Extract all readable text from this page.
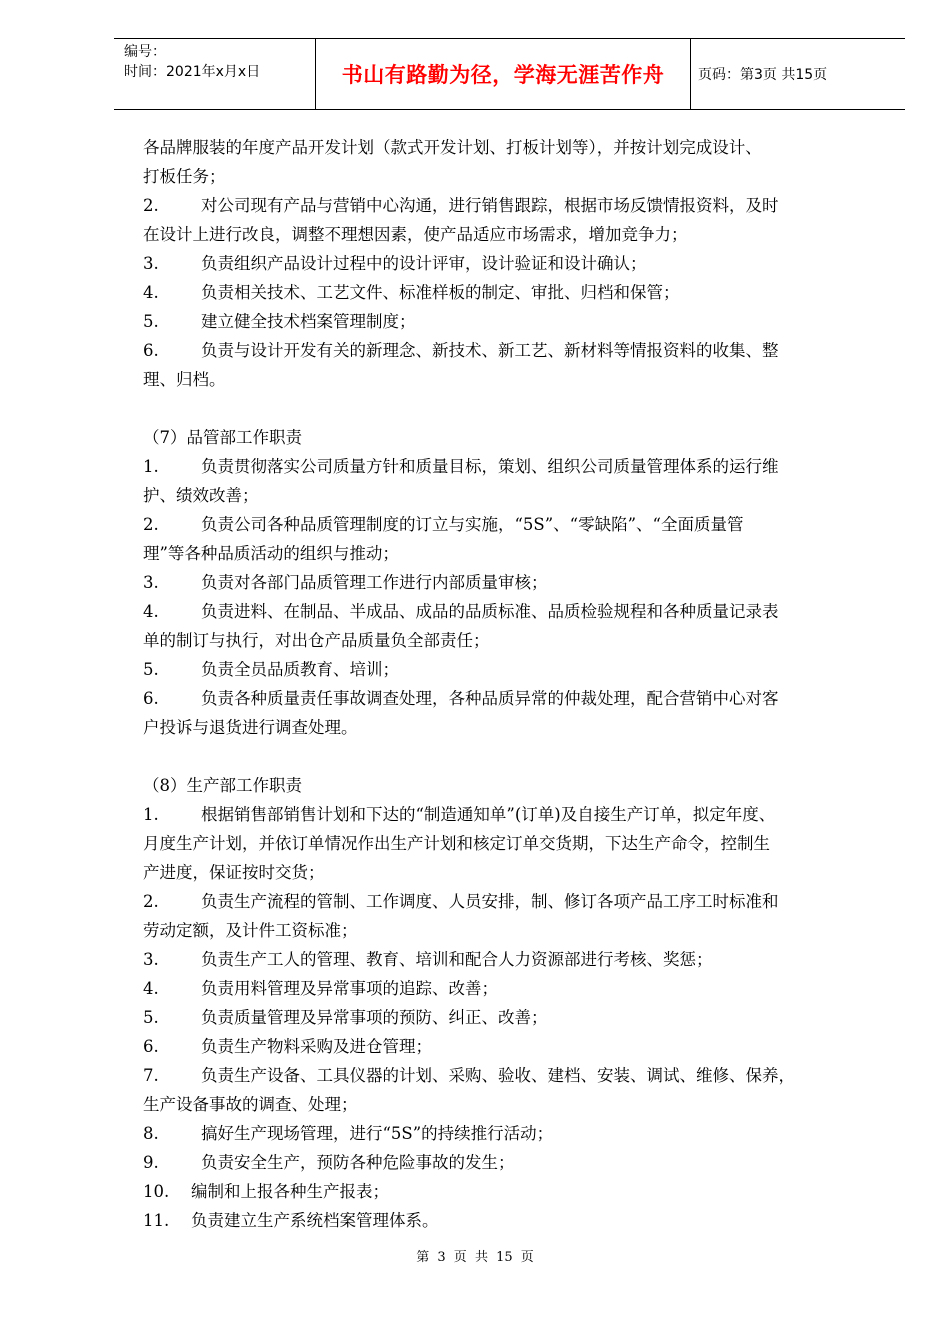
编号：
时间：2021年x月x日	书山有路勤为径，学海无涯苦作舟 页码：第3页 共15页
各品牌服装的年度产品开发计划（款式开发计划、打板计划等），并按计划完成设计、
打板任务；
2.	对公司现有产品与营销中心沟通，进行销售跟踪，根据市场反馈情报资料，及时
在设计上进行改良，调整不理想因素，使产品适应市场需求，增加竞争力；
3.	负责组织产品设计过程中的设计评审，设计验证和设计确认；
4.	负责相关技术、工艺文件、标准样板的制定、审批、归档和保管；
5.	建立健全技术档案管理制度；
6.	负责与设计开发有关的新理念、新技术、新工艺、新材料等情报资料的收集、整
理、归档。
（7）品管部工作职责
1.	负责贯彻落实公司质量方针和质量目标，策划、组织公司质量管理体系的运行维
护、绩效改善；
2.	负责公司各种品质管理制度的订立与实施，“5S”、“零缺陷”、“全面质量管
理”等各种品质活动的组织与推动；
3.	负责对各部门品质管理工作进行内部质量审核；
4.	负责进料、在制品、半成品、成品的品质标准、品质检验规程和各种质量记录表
单的制订与执行，对出仓产品质量负全部责任；
5.	负责全员品质教育、培训；
6.	负责各种质量责任事故调查处理，各种品质异常的仲裁处理，配合营销中心对客
户投诉与退货进行调查处理。
（8）生产部工作职责
1.	根据销售部销售计划和下达的“制造通知单”(订单)及自接生产订单，拟定年度、
月度生产计划，并依订单情况作出生产计划和核定订单交货期，下达生产命令，控制生
产进度，保证按时交货；
2.	负责生产流程的管制、工作调度、人员安排，制、修订各项产品工序工时标准和
劳动定额，及计件工资标准；
3.	负责生产工人的管理、教育、培训和配合人力资源部进行考核、奖惩；
4.	负责用料管理及异常事项的追踪、改善；
5.	负责质量管理及异常事项的预防、纠正、改善；
6.	负责生产物料采购及进仓管理；
7.	负责生产设备、工具仪器的计划、采购、验收、建档、安装、调试、维修、保养，
生产设备事故的调查、处理；
8.	搞好生产现场管理，进行“5S”的持续推行活动；
9.	负责安全生产，预防各种危险事故的发生；
10. 编制和上报各种生产报表；
11. 负责建立生产系统档案管理体系。
第 3 页 共 15 页
